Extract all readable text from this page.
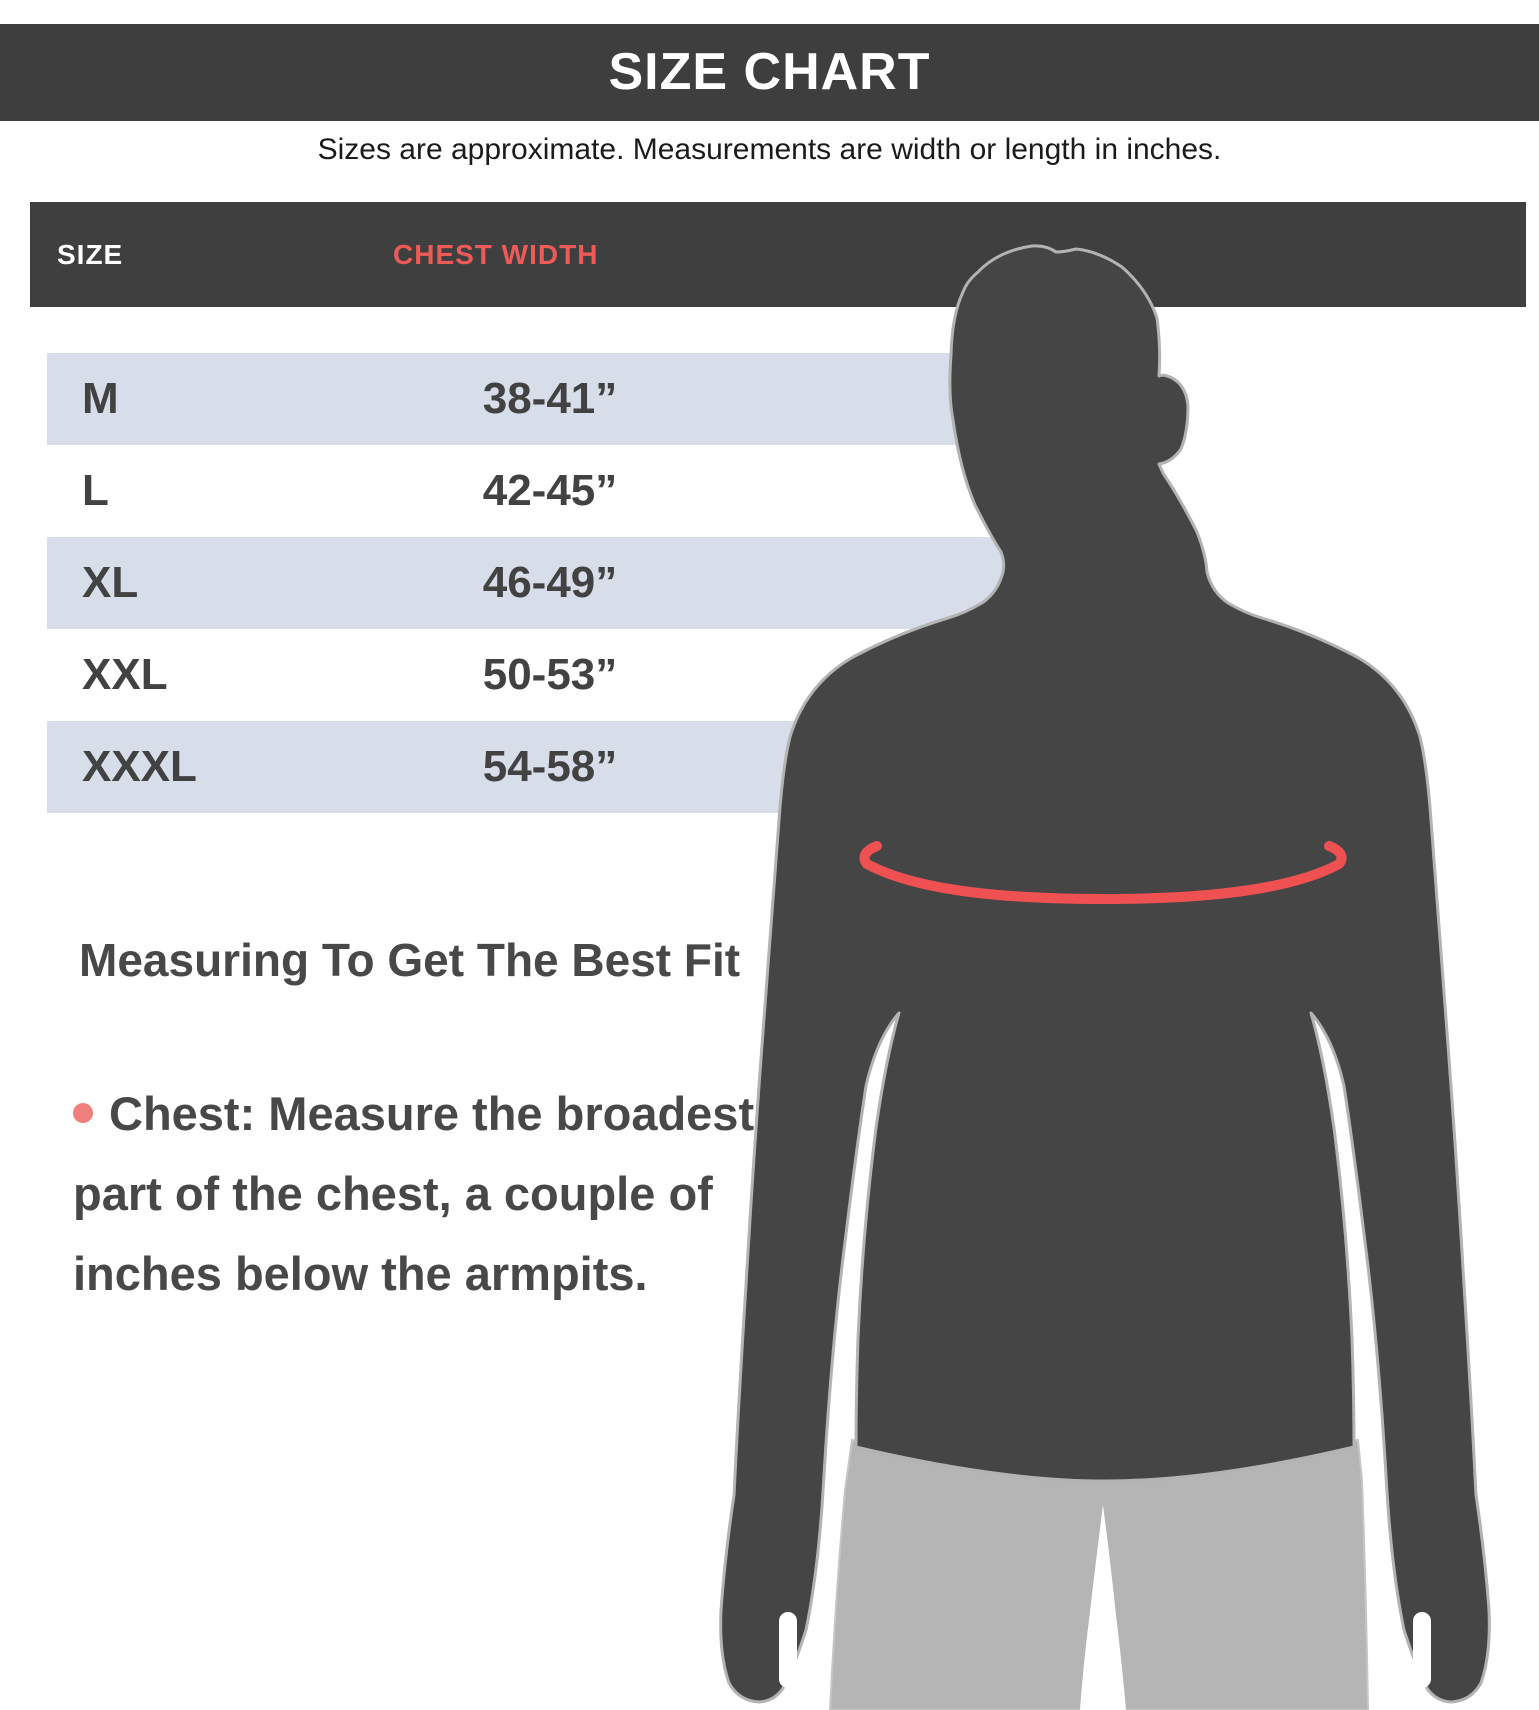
SIZE CHART
Sizes are approximate. Measurements are width or length in inches.
SIZE	CHEST WIDTH
M	38-41”
L	42-45”
XL	46-49”
XXL	50-53”
XXXL	54-58”
Measuring To Get The Best Fit
Chest: Measure the broadest part of the chest, a couple of inches below the armpits.
